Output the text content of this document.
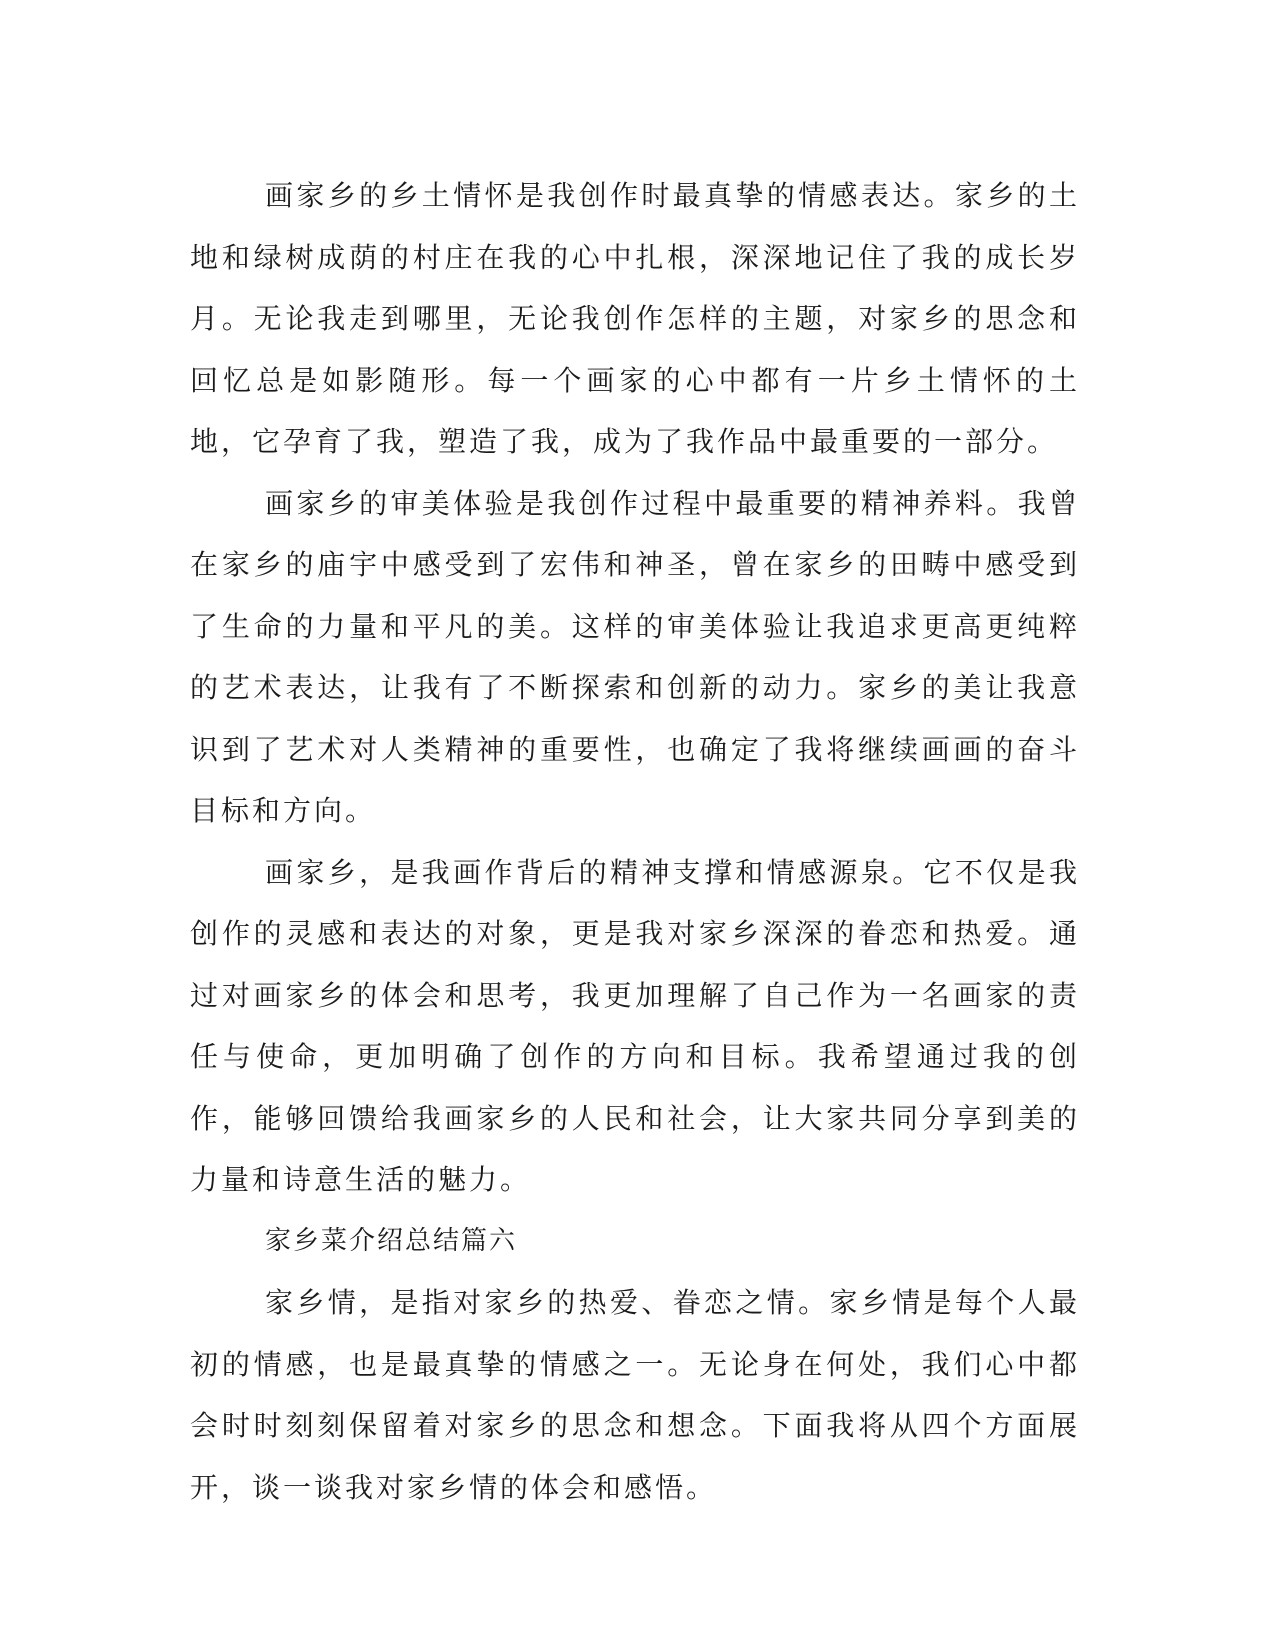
画家乡的乡土情怀是我创作时最真挚的情感表达。家乡的土地和绿树成荫的村庄在我的心中扎根，深深地记住了我的成长岁月。无论我走到哪里，无论我创作怎样的主题，对家乡的思念和回忆总是如影随形。每一个画家的心中都有一片乡土情怀的土地，它孕育了我，塑造了我，成为了我作品中最重要的一部分。

画家乡的审美体验是我创作过程中最重要的精神养料。我曾在家乡的庙宇中感受到了宏伟和神圣，曾在家乡的田畴中感受到了生命的力量和平凡的美。这样的审美体验让我追求更高更纯粹的艺术表达，让我有了不断探索和创新的动力。家乡的美让我意识到了艺术对人类精神的重要性，也确定了我将继续画画的奋斗目标和方向。

画家乡，是我画作背后的精神支撑和情感源泉。它不仅是我创作的灵感和表达的对象，更是我对家乡深深的眷恋和热爱。通过对画家乡的体会和思考，我更加理解了自己作为一名画家的责任与使命，更加明确了创作的方向和目标。我希望通过我的创作，能够回馈给我画家乡的人民和社会，让大家共同分享到美的力量和诗意生活的魅力。

家乡菜介绍总结篇六

家乡情，是指对家乡的热爱、眷恋之情。家乡情是每个人最初的情感，也是最真挚的情感之一。无论身在何处，我们心中都会时时刻刻保留着对家乡的思念和想念。下面我将从四个方面展开，谈一谈我对家乡情的体会和感悟。
